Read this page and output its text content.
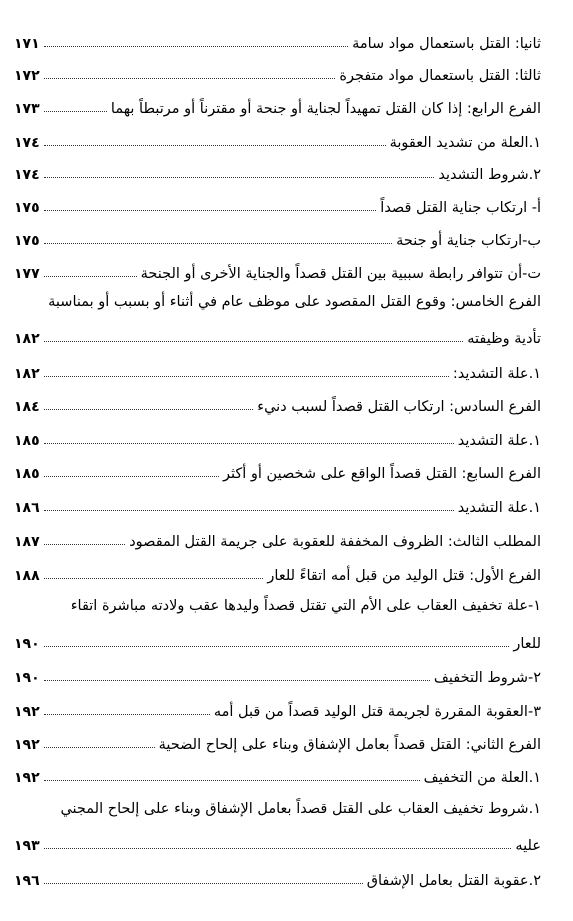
ثانيا: القتل باستعمال مواد سامة
١٧١
ثالثا: القتل باستعمال مواد متفجرة
١٧٢
الفرع الرابع: إذا كان القتل تمهيداً لجناية أو جنحة أو مقترناً أو مرتبطاً بهما
١٧٣
١.العلة من تشديد العقوبة
١٧٤
٢.شروط التشديد
١٧٤
أ- ارتكاب جناية القتل قصداً
١٧٥
ب-ارتكاب جناية أو جنحة
١٧٥
ت-أن تتوافر رابطة سببية بين القتل قصداً والجناية الأخرى أو الجنحة
١٧٧
الفرع الخامس: وقوع القتل المقصود على موظف عام في أثناء أو بسبب أو بمناسبة
تأدية وظيفته
١٨٢
١.علة التشديد:
١٨٢
الفرع السادس: ارتكاب القتل قصداً لسبب دنيء
١٨٤
١.علة التشديد
١٨٥
الفرع السابع: القتل قصداً الواقع على شخصين أو أكثر
١٨٥
١.علة التشديد
١٨٦
المطلب الثالث: الظروف المخففة للعقوبة على جريمة القتل المقصود
١٨٧
الفرع الأول: قتل الوليد من قبل أمه اتقاءً للعار
١٨٨
١-علة تخفيف العقاب على الأم التي تقتل قصداً وليدها عقب ولادته مباشرة اتقاء
للعار
١٩٠
٢-شروط التخفيف
١٩٠
٣-العقوبة المقررة لجريمة قتل الوليد قصداً من قبل أمه
١٩٢
الفرع الثاني: القتل قصداً بعامل الإشفاق وبناء على إلحاح الضحية
١٩٢
١.العلة من التخفيف
١٩٢
١.شروط تخفيف العقاب على القتل قصداً بعامل الإشفاق وبناء على إلحاح المجني
عليه
١٩٣
٢.عقوبة القتل بعامل الإشفاق
١٩٦
